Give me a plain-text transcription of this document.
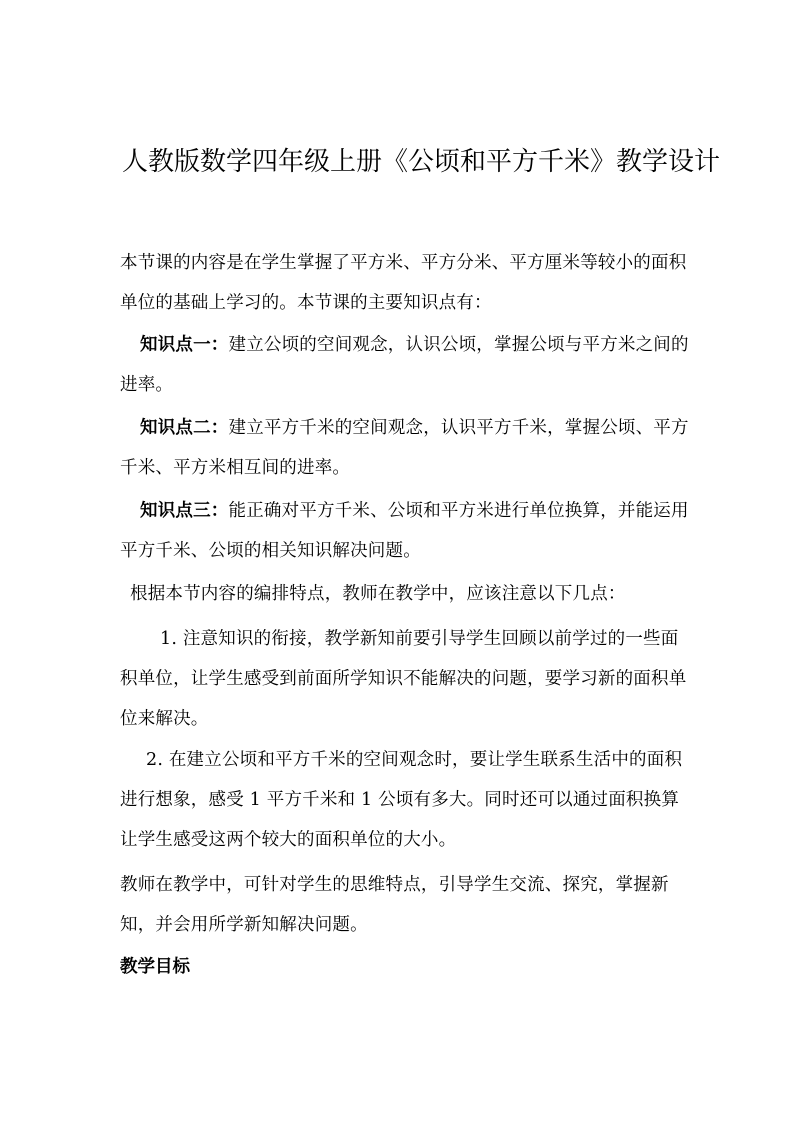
人教版数学四年级上册《公顷和平方千米》教学设计
本节课的内容是在学生掌握了平方米、平方分米、平方厘米等较小的面积单位的基础上学习的。本节课的主要知识点有：
知识点一：建立公顷的空间观念，认识公顷，掌握公顷与平方米之间的进率。
知识点二：建立平方千米的空间观念，认识平方千米，掌握公顷、平方千米、平方米相互间的进率。
知识点三：能正确对平方千米、公顷和平方米进行单位换算，并能运用平方千米、公顷的相关知识解决问题。
根据本节内容的编排特点，教师在教学中，应该注意以下几点：
1. 注意知识的衔接，教学新知前要引导学生回顾以前学过的一些面积单位，让学生感受到前面所学知识不能解决的问题，要学习新的面积单位来解决。
2. 在建立公顷和平方千米的空间观念时，要让学生联系生活中的面积进行想象，感受 1 平方千米和 1 公顷有多大。同时还可以通过面积换算让学生感受这两个较大的面积单位的大小。
教师在教学中，可针对学生的思维特点，引导学生交流、探究，掌握新知，并会用所学新知解决问题。
教学目标
